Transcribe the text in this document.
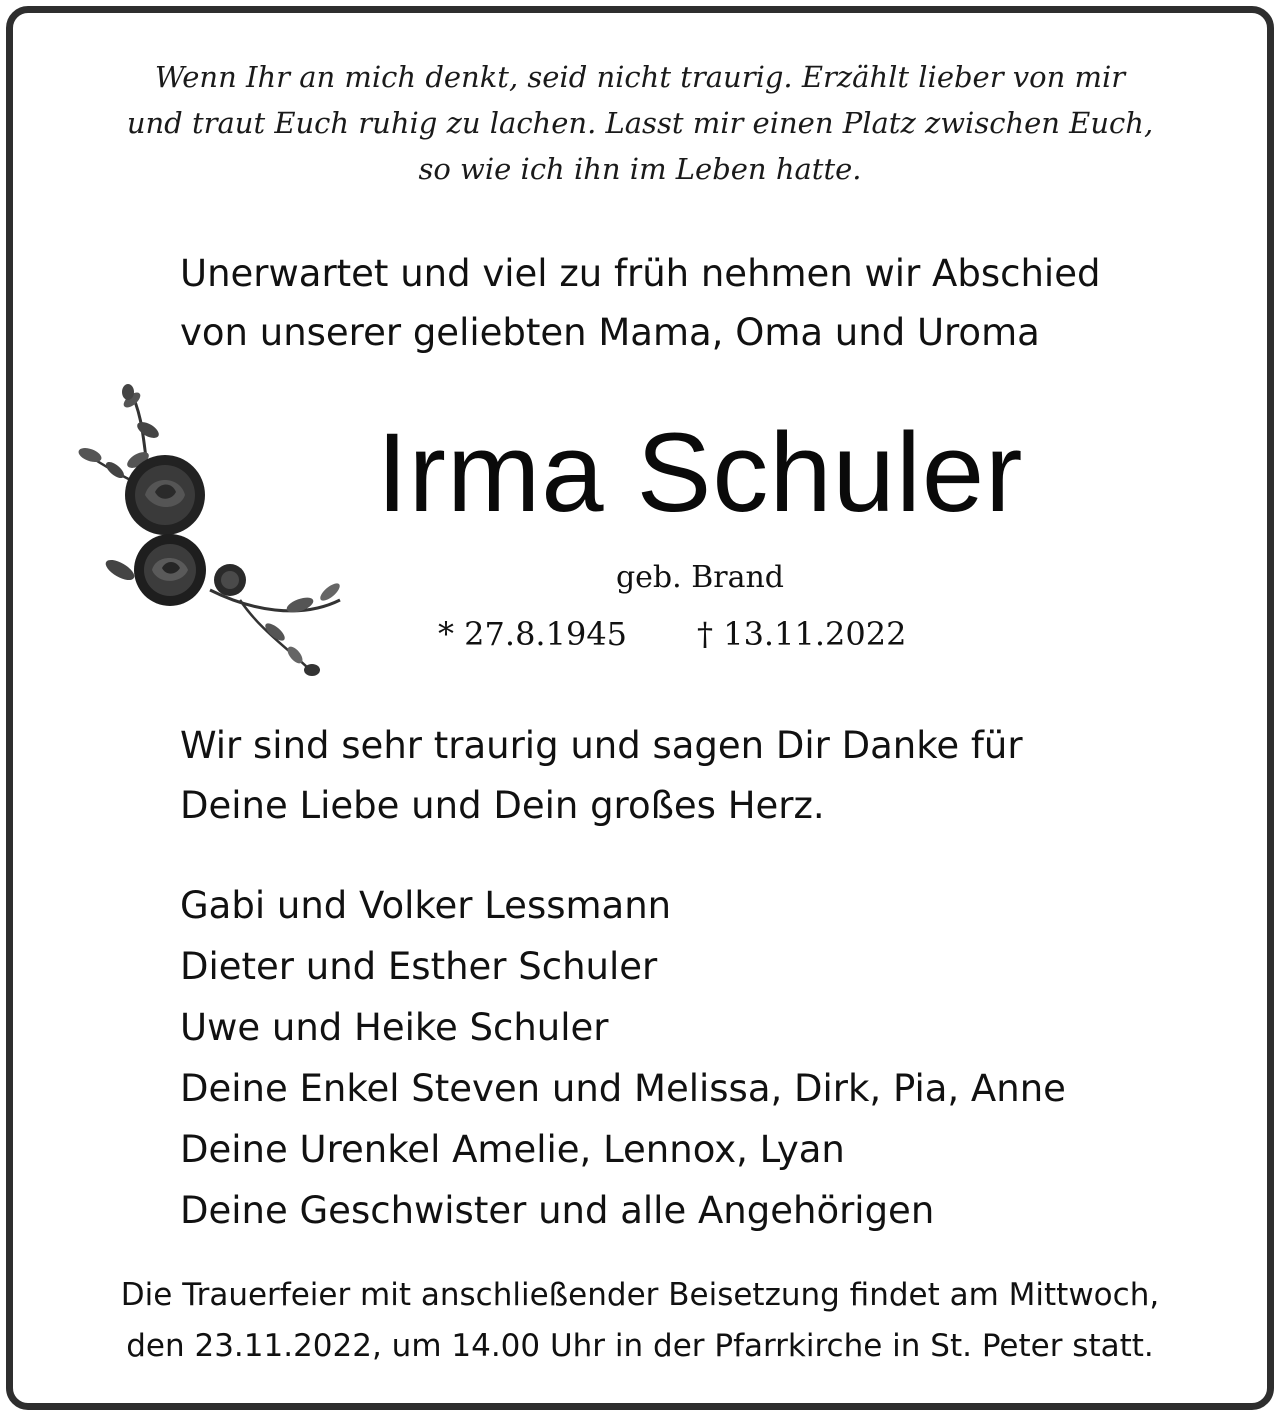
Wenn Ihr an mich denkt, seid nicht traurig. Erzählt lieber von mir
und traut Euch ruhig zu lachen. Lasst mir einen Platz zwischen Euch,
so wie ich ihn im Leben hatte.
Unerwartet und viel zu früh nehmen wir Abschied
von unserer geliebten Mama, Oma und Uroma
Irma Schuler
geb. Brand
* 27.8.1945 † 13.11.2022
Wir sind sehr traurig und sagen Dir Danke für
Deine Liebe und Dein großes Herz.
Gabi und Volker Lessmann
Dieter und Esther Schuler
Uwe und Heike Schuler
Deine Enkel Steven und Melissa, Dirk, Pia, Anne
Deine Urenkel Amelie, Lennox, Lyan
Deine Geschwister und alle Angehörigen
Die Trauerfeier mit anschließender Beisetzung findet am Mittwoch,
den 23.11.2022, um 14.00 Uhr in der Pfarrkirche in St. Peter statt.
